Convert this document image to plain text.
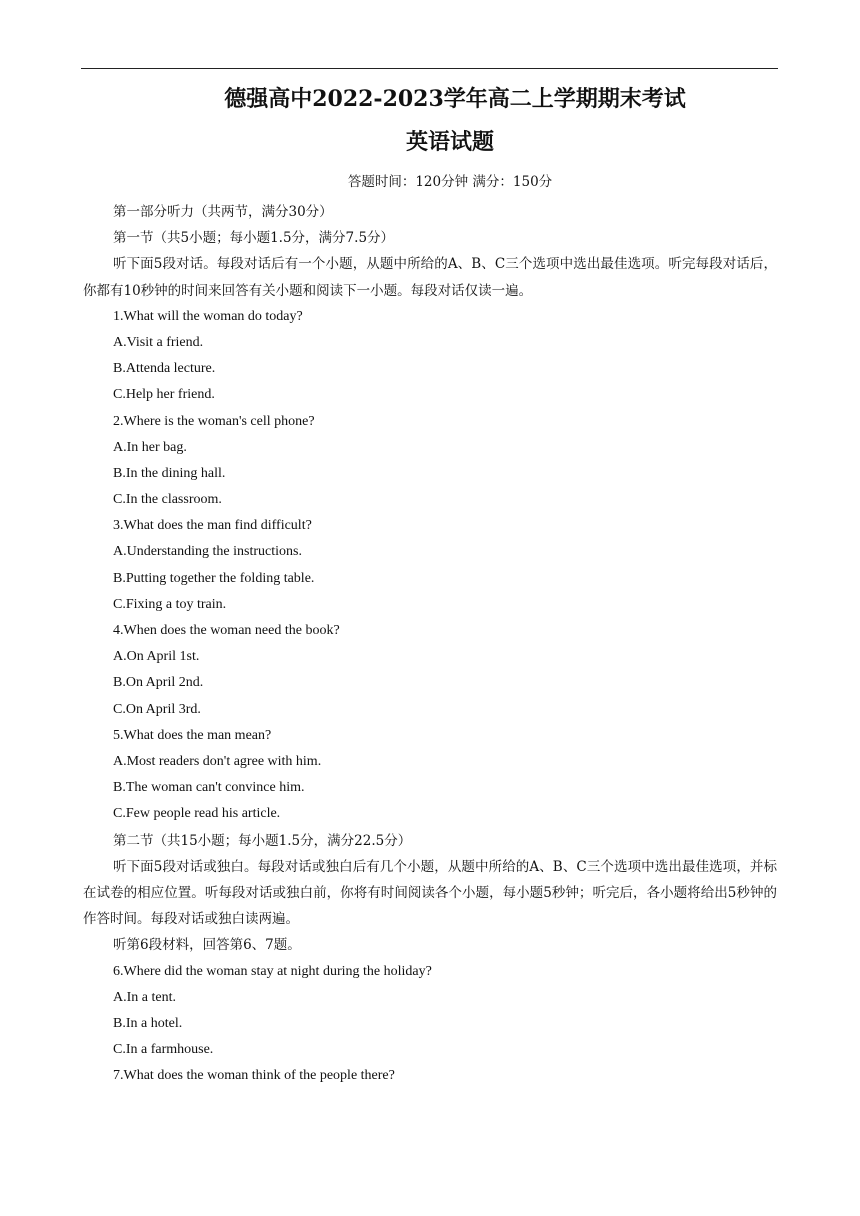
德强高中2022-2023学年高二上学期期末考试
英语试题
答题时间：120分钟 满分：150分
第一部分听力（共两节，满分30分）
第一节（共5小题；每小题1.5分，满分7.5分）
听下面5段对话。每段对话后有一个小题，从题中所给的A、B、C三个选项中选出最佳选项。听完每段对话后，你都有10秒钟的时间来回答有关小题和阅读下一小题。每段对话仅读一遍。
1.What will the woman do today?
A.Visit a friend.
B.Attenda lecture.
C.Help her friend.
2.Where is the woman's cell phone?
A.In her bag.
B.In the dining hall.
C.In the classroom.
3.What does the man find difficult?
A.Understanding the instructions.
B.Putting together the folding table.
C.Fixing a toy train.
4.When does the woman need the book?
A.On April 1st.
B.On April 2nd.
C.On April 3rd.
5.What does the man mean?
A.Most readers don't agree with him.
B.The woman can't convince him.
C.Few people read his article.
第二节（共15小题；每小题1.5分，满分22.5分）
听下面5段对话或独白。每段对话或独白后有几个小题，从题中所给的A、B、C三个选项中选出最佳选项，并标在试卷的相应位置。听每段对话或独白前，你将有时间阅读各个小题，每小题5秒钟；听完后，各小题将给出5秒钟的作答时间。每段对话或独白读两遍。
听第6段材料，回答第6、7题。
6.Where did the woman stay at night during the holiday?
A.In a tent.
B.In a hotel.
C.In a farmhouse.
7.What does the woman think of the people there?
